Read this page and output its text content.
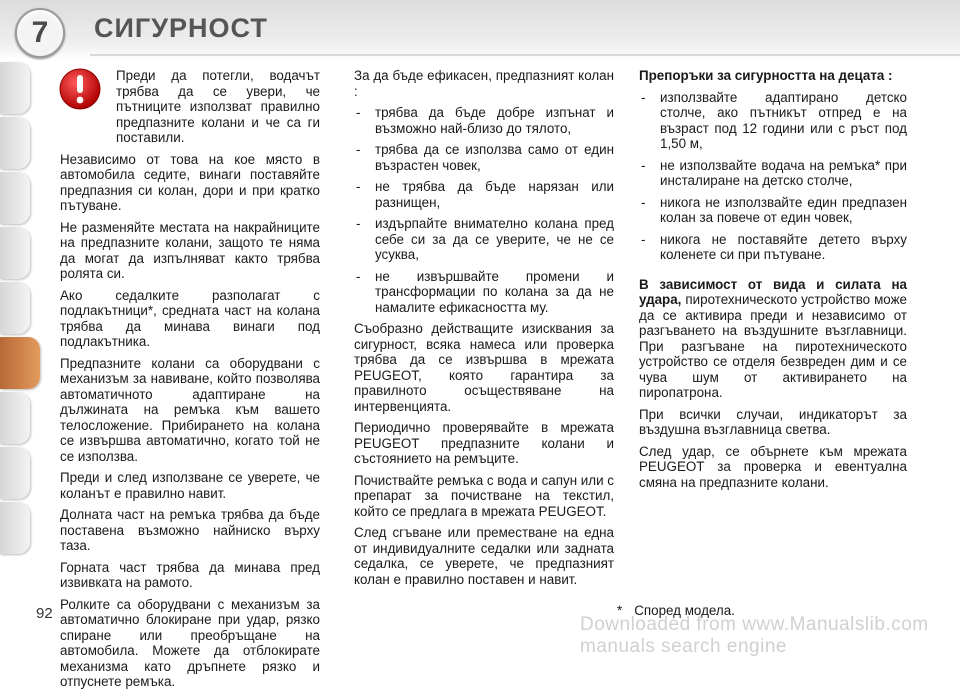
7 СИГУРНОСТ

Преди да потегли, водачът трябва да се увери, че пътниците използват правилно предпазните колани и че са ги поставили.

Независимо от това на кое място в автомобила седите, винаги поставяйте предпазния си колан, дори и при кратко пътуване.

Не разменяйте местата на накрайниците на предпазните колани, защото те няма да могат да изпълняват както трябва ролята си.

Ако седалките разполагат с подлакътници*, средната част на колана трябва да минава винаги под подлакътника.

Предпазните колани са оборудвани с механизъм за навиване, който позволява автоматичното адаптиране на дължината на ремъка към вашето телосложение. Прибирането на колана се извършва автоматично, когато той не се използва.

Преди и след използване се уверете, че коланът е правилно навит.

Долната част на ремъка трябва да бъде поставена възможно найниско върху таза.

Горната част трябва да минава пред извивката на рамото.

Ролките са оборудвани с механизъм за автоматично блокиране при удар, рязко спиране или преобръщане на автомобила. Можете да отблокирате механизма като дръпнете рязко и отпуснете ремъка.

За да бъде ефикасен, предпазният колан :

- трябва да бъде добре изпънат и възможно най-близо до тялото,
- трябва да се използва само от един възрастен човек,
- не трябва да бъде нарязан или разнищен,
- издърпайте внимателно колана пред себе си за да се уверите, че не се усуква,
- не извършвайте промени и трансформации по колана за да не намалите ефикасността му.

Съобразно действащите изисквания за сигурност, всяка намеса или проверка трябва да се извършва в мрежата PEUGEOT, която гарантира за правилното осъществяване на интервенцията.

Периодично проверявайте в мрежата PEUGEOT предпазните колани и състоянието на ремъците.

Почиствайте ремъка с вода и сапун или с препарат за почистване на текстил, който се предлага в мрежата PEUGEOT.

След сгъване или преместване на една от индивидуалните седалки или задната седалка, се уверете, че предпазният колан е правилно поставен и навит.

Препоръки за сигурността на децата :

- използвайте адаптирано детско столче, ако пътникът отпред е на възраст под 12 години или с ръст под 1,50 м,
- не използвайте водача на ремъка* при инсталиране на детско столче,
- никога не използвайте един предпазен колан за повече от един човек,
- никога не поставяйте детето върху коленете си при пътуване.

В зависимост от вида и силата на удара, пиротехническото устройство може да се активира преди и независимо от разгъването на въздушните възглавници. При разгъване на пиротехническото устройство се отделя безвреден дим и се чува шум от активирането на пиропатрона.

При всички случаи, индикаторът за въздушна възглавница светва.

След удар, се обърнете към мрежата PEUGEOT за проверка и евентуална смяна на предпазните колани.

92	* Според модела.
Downloaded from www.Manualslib.com manuals search engine
